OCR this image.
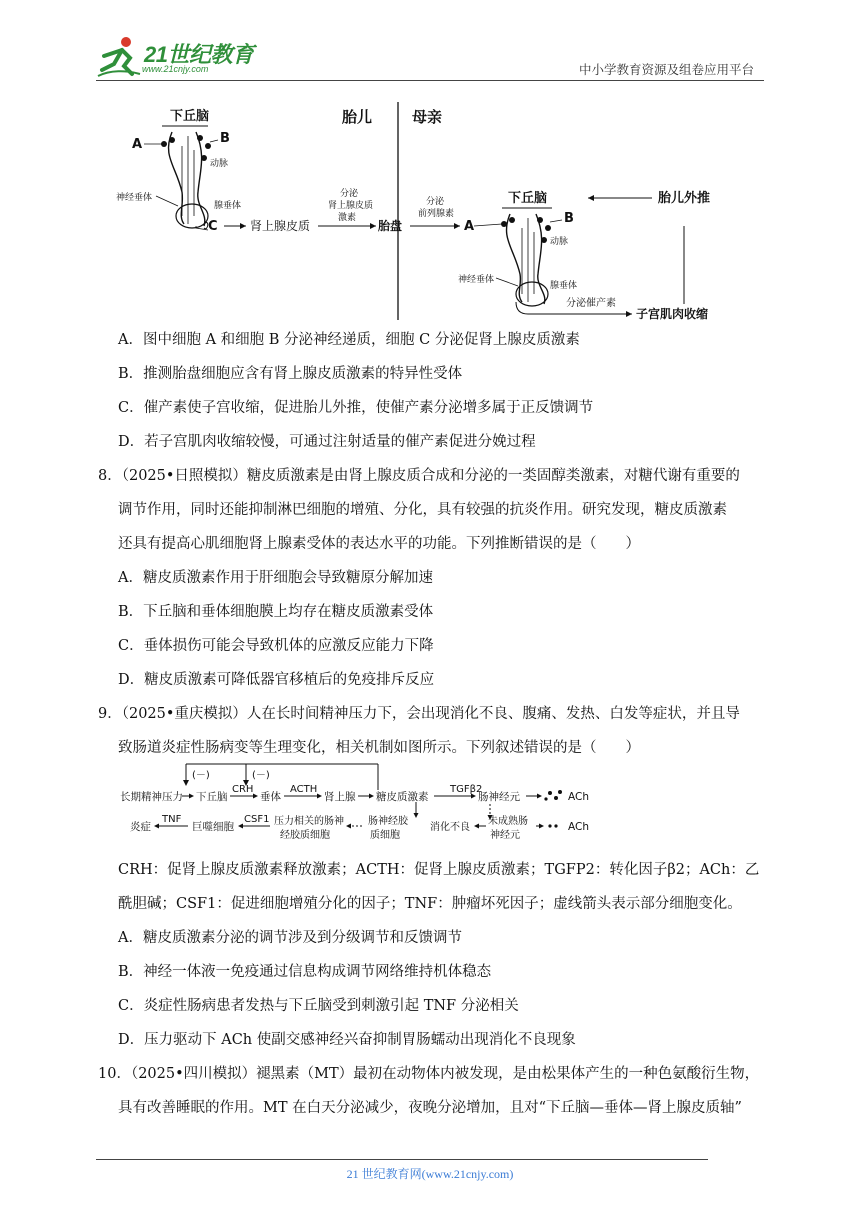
21世纪教育
www.21cnjy.com	中小学教育资源及组卷应用平台
胎儿	母亲
下丘脑
A	B
动脉
神经垂体
腺垂体
C	肾上腺皮质
分泌
肾上腺皮质
激素
胎盘
分泌
前列腺素
A
下丘脑
B
动脉
神经垂体
腺垂体
分泌催产素
子宫肌肉收缩
胎儿外推
A．图中细胞 A 和细胞 B 分泌神经递质，细胞 C 分泌促肾上腺皮质激素
B．推测胎盘细胞应含有肾上腺皮质激素的特异性受体
C．催产素使子宫收缩，促进胎儿外推，使催产素分泌增多属于正反馈调节
D．若子宫肌肉收缩较慢，可通过注射适量的催产素促进分娩过程
8．（2025•日照模拟）糖皮质激素是由肾上腺皮质合成和分泌的一类固醇类激素，对糖代谢有重要的
调节作用，同时还能抑制淋巴细胞的增殖、分化，具有较强的抗炎作用。研究发现，糖皮质激素
还具有提高心肌细胞肾上腺素受体的表达水平的功能。下列推断错误的是（　　）
A．糖皮质激素作用于肝细胞会导致糖原分解加速
B．下丘脑和垂体细胞膜上均存在糖皮质激素受体
C．垂体损伤可能会导致机体的应激反应能力下降
D．糖皮质激素可降低器官移植后的免疫排斥反应
9．（2025•重庆模拟）人在长时间精神压力下，会出现消化不良、腹痛、发热、白发等症状，并且导
致肠道炎症性肠病变等生理变化，相关机制如图所示。下列叙述错误的是（　　）
(－)	(－)
长期精神压力 下丘脑
CRH
垂体
ACTH
肾上腺 糖皮质激素
TGFβ2
肠神经元	ACh
炎症
TNF
巨噬细胞
CSF1 压力相关的肠神
经胶质细胞
肠神经胶
质细胞
消化不良
未成熟肠
神经元
ACh
CRH：促肾上腺皮质激素释放激素；ACTH：促肾上腺皮质激素；TGFP2：转化因子β2；ACh：乙
酰胆碱；CSF1：促进细胞增殖分化的因子；TNF：肿瘤坏死因子；虚线箭头表示部分细胞变化。
A．糖皮质激素分泌的调节涉及到分级调节和反馈调节
B．神经一体液一免疫通过信息构成调节网络维持机体稳态
C．炎症性肠病患者发热与下丘脑受到刺激引起 TNF 分泌相关
D．压力驱动下 ACh 使副交感神经兴奋抑制胃肠蠕动出现消化不良现象
10．（2025•四川模拟）褪黑素（MT）最初在动物体内被发现，是由松果体产生的一种色氨酸衍生物，
具有改善睡眠的作用。MT 在白天分泌减少，夜晚分泌增加，且对“下丘脑—垂体—肾上腺皮质轴”
21 世纪教育网(www.21cnjy.com)
